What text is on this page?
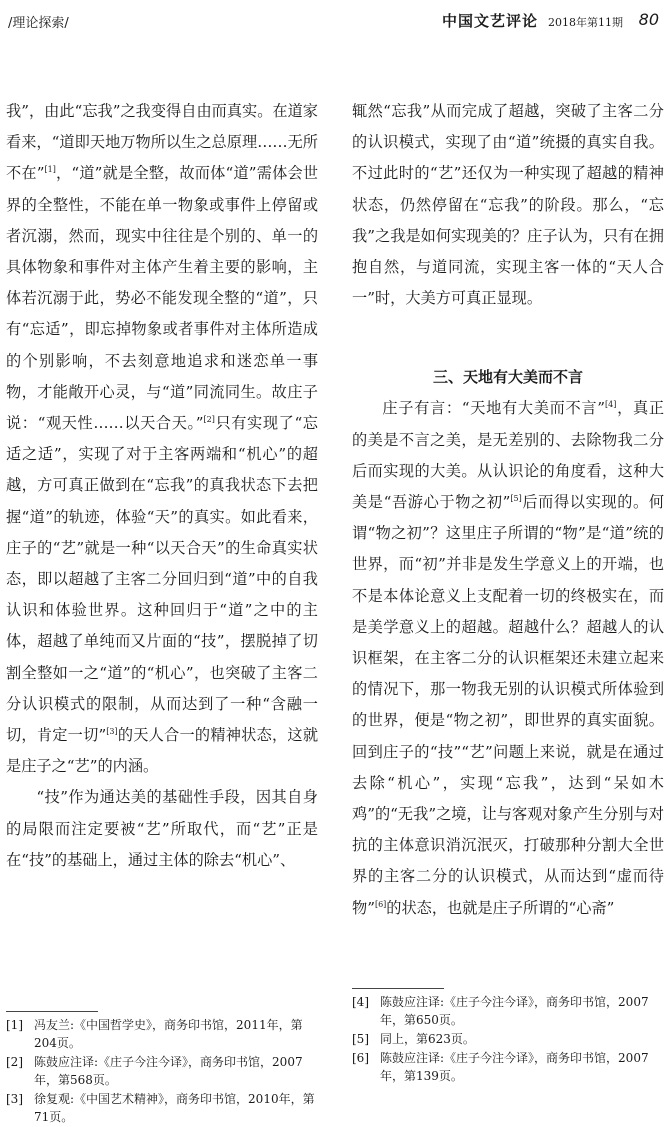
/理论探索/	中国文艺评论 2018年第11期 80

我”，由此“忘我”之我变得自由而真实。在道家看来，“道即天地万物所以生之总原理……无所不在”[1]，“道”就是全整，故而体“道”需体会世界的全整性，不能在单一物象或事件上停留或者沉溺，然而，现实中往往是个别的、单一的具体物象和事件对主体产生着主要的影响，主体若沉溺于此，势必不能发现全整的“道”，只有“忘适”，即忘掉物象或者事件对主体所造成的个别影响，不去刻意地追求和迷恋单一事物，才能敞开心灵，与“道”同流同生。故庄子说：“观天性……以天合天。”[2]只有实现了“忘适之适”，实现了对于主客两端和“机心”的超越，方可真正做到在“忘我”的真我状态下去把握“道”的轨迹，体验“天”的真实。如此看来，庄子的“艺”就是一种“以天合天”的生命真实状态，即以超越了主客二分回归到“道”中的自我认识和体验世界。这种回归于“道”之中的主体，超越了单纯而又片面的“技”，摆脱掉了切割全整如一之“道”的“机心”，也突破了主客二分认识模式的限制，从而达到了一种“含融一切，肯定一切”[3]的天人合一的精神状态，这就是庄子之“艺”的内涵。

“技”作为通达美的基础性手段，因其自身的局限而注定要被“艺”所取代，而“艺”正是在“技”的基础上，通过主体的除去“机心”、

[1] 冯友兰:《中国哲学史》，商务印书馆，2011年，第204页。
[2] 陈鼓应注译:《庄子今注今译》，商务印书馆，2007年，第568页。
[3] 徐复观:《中国艺术精神》，商务印书馆，2010年，第71页。

辄然“忘我”从而完成了超越，突破了主客二分的认识模式，实现了由“道”统摄的真实自我。不过此时的“艺”还仅为一种实现了超越的精神状态，仍然停留在“忘我”的阶段。那么，“忘我”之我是如何实现美的？庄子认为，只有在拥抱自然，与道同流，实现主客一体的“天人合一”时，大美方可真正显现。

三、天地有大美而不言

庄子有言：“天地有大美而不言”[4]，真正的美是不言之美，是无差别的、去除物我二分后而实现的大美。从认识论的角度看，这种大美是“吾游心于物之初”[5]后而得以实现的。何谓“物之初”？这里庄子所谓的“物”是“道”统的世界，而“初”并非是发生学意义上的开端，也不是本体论意义上支配着一切的终极实在，而是美学意义上的超越。超越什么？超越人的认识框架，在主客二分的认识框架还未建立起来的情况下，那一物我无别的认识模式所体验到的世界，便是“物之初”，即世界的真实面貌。回到庄子的“技”“艺”问题上来说，就是在通过去除“机心”，实现“忘我”，达到“呆如木鸡”的“无我”之境，让与客观对象产生分别与对抗的主体意识消沉泯灭，打破那种分割大全世界的主客二分的认识模式，从而达到“虚而待物”[6]的状态，也就是庄子所谓的“心斋”

[4] 陈鼓应注译:《庄子今注今译》，商务印书馆，2007年，第650页。
[5] 同上，第623页。
[6] 陈鼓应注译:《庄子今注今译》，商务印书馆，2007年，第139页。
